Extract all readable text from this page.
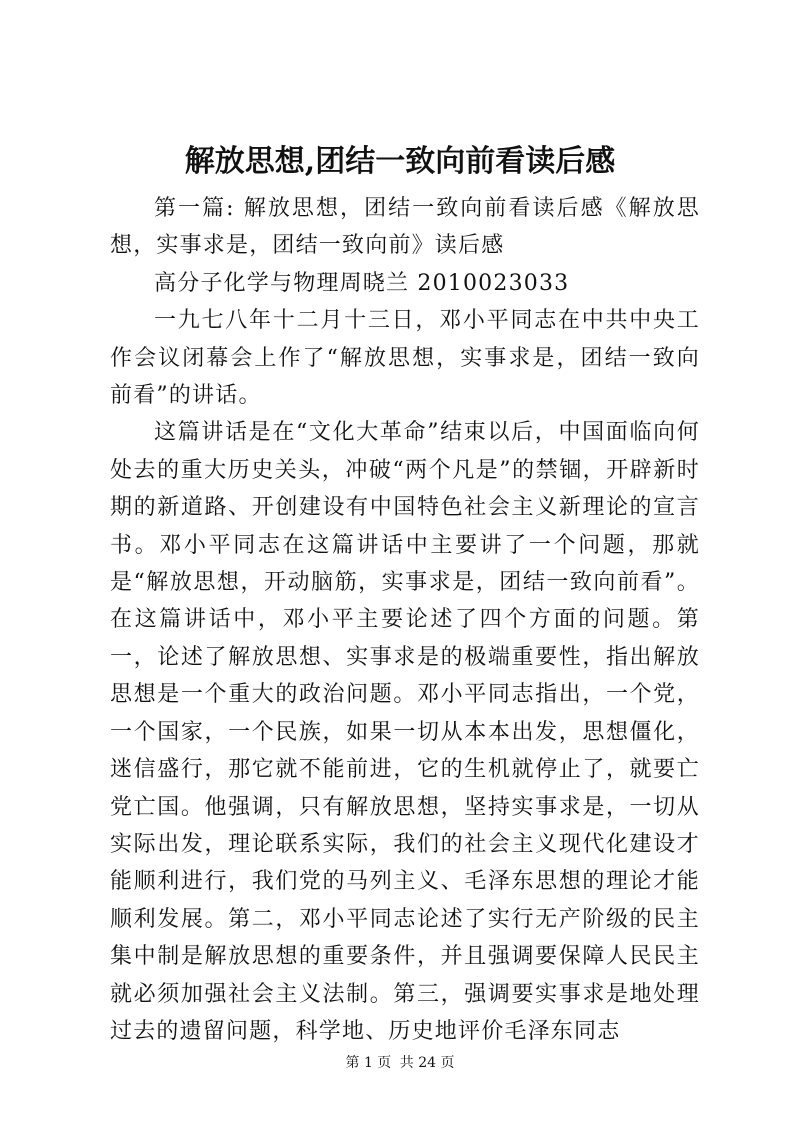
解放思想,团结一致向前看读后感

第一篇: 解放思想，团结一致向前看读后感《解放思想，实事求是，团结一致向前》读后感

高分子化学与物理周晓兰 2010023033

一九七八年十二月十三日，邓小平同志在中共中央工作会议闭幕会上作了“解放思想，实事求是，团结一致向前看”的讲话。

这篇讲话是在“文化大革命”结束以后，中国面临向何处去的重大历史关头，冲破“两个凡是”的禁锢，开辟新时期的新道路、开创建设有中国特色社会主义新理论的宣言书。邓小平同志在这篇讲话中主要讲了一个问题，那就是“解放思想，开动脑筋，实事求是，团结一致向前看”。在这篇讲话中，邓小平主要论述了四个方面的问题。第一，论述了解放思想、实事求是的极端重要性，指出解放思想是一个重大的政治问题。邓小平同志指出，一个党，一个国家，一个民族，如果一切从本本出发，思想僵化，迷信盛行，那它就不能前进，它的生机就停止了，就要亡党亡国。他强调，只有解放思想，坚持实事求是，一切从实际出发，理论联系实际，我们的社会主义现代化建设才能顺利进行，我们党的马列主义、毛泽东思想的理论才能顺利发展。第二，邓小平同志论述了实行无产阶级的民主集中制是解放思想的重要条件，并且强调要保障人民民主就必须加强社会主义法制。第三，强调要实事求是地处理过去的遗留问题，科学地、历史地评价毛泽东同志

第 1 页 共 24 页
